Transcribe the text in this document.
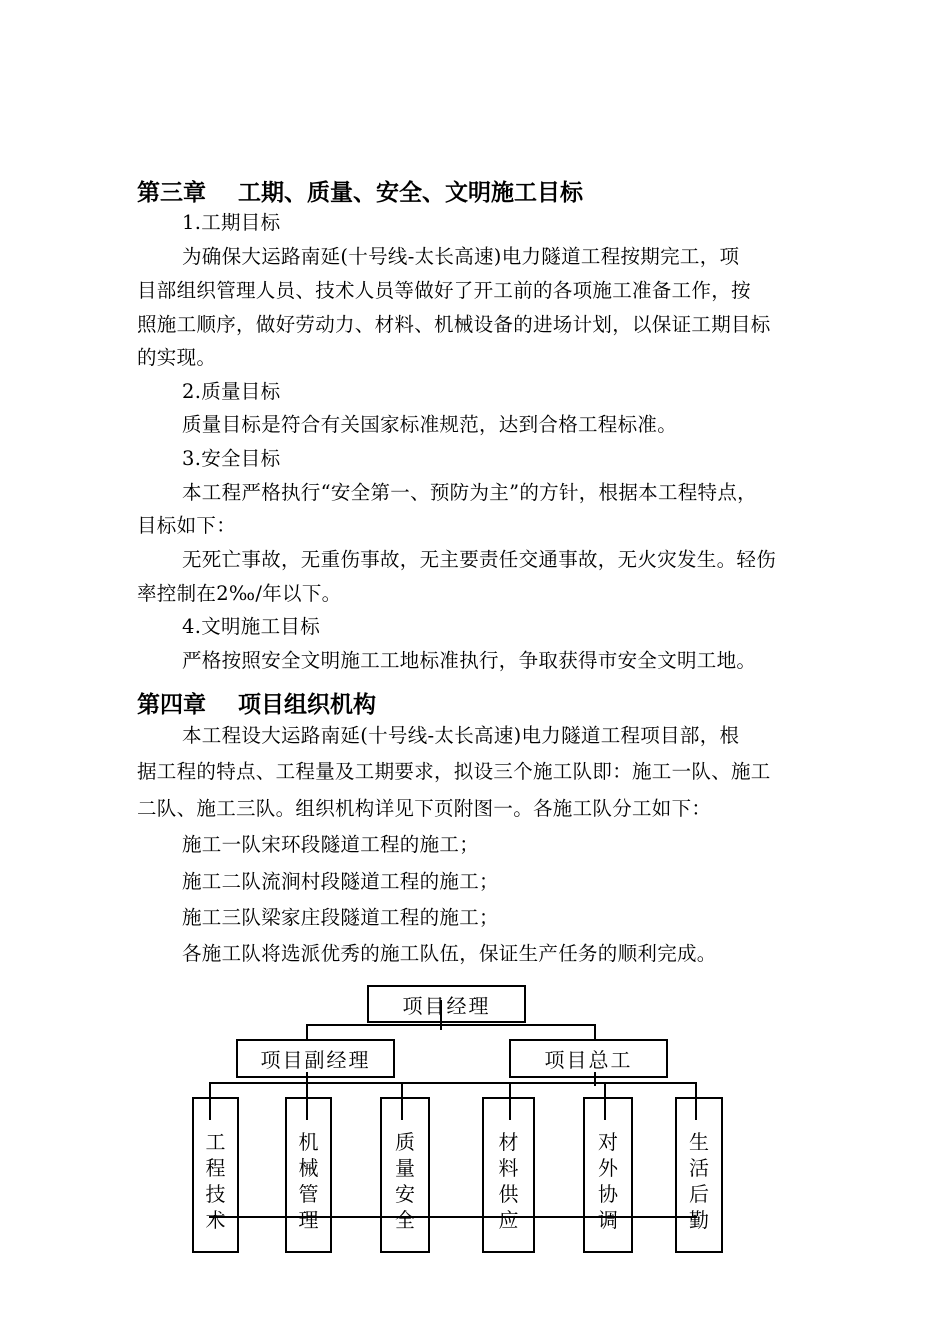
第三章    工期、质量、安全、文明施工目标
1.工期目标
为确保大运路南延(十号线-太长高速)电力隧道工程按期完工，项
目部组织管理人员、技术人员等做好了开工前的各项施工准备工作，按
照施工顺序，做好劳动力、材料、机械设备的进场计划，以保证工期目标
的实现。
2.质量目标
质量目标是符合有关国家标准规范，达到合格工程标准。
3.安全目标
本工程严格执行“安全第一、预防为主”的方针，根据本工程特点，
目标如下：
无死亡事故，无重伤事故，无主要责任交通事故，无火灾发生。轻伤
率控制在2‰/年以下。
4.文明施工目标
严格按照安全文明施工工地标准执行，争取获得市安全文明工地。
第四章    项目组织机构
本工程设大运路南延(十号线-太长高速)电力隧道工程项目部，根
据工程的特点、工程量及工期要求，拟设三个施工队即：施工一队、施工
二队、施工三队。组织机构详见下页附图一。各施工队分工如下：
施工一队宋环段隧道工程的施工；
施工二队流涧村段隧道工程的施工；
施工三队梁家庄段隧道工程的施工；
各施工队将选派优秀的施工队伍，保证生产任务的顺利完成。
项目经理
项目副经理	项目总工
工
程
技
术
机
械
管
理
质
量
安
全
材
料
供
应
对
外
协
调
生
活
后
勤
